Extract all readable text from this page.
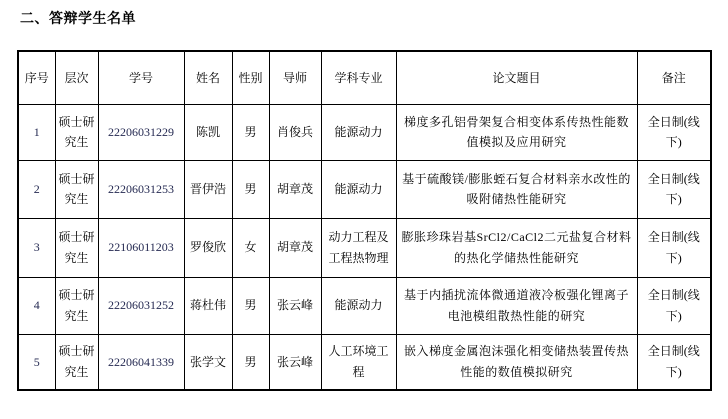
二、答辩学生名单
序号	层次	学号	姓名	性别	导师	学科专业	论文题目	备注
1	硕士研究生	22206031229	陈凯	男	肖俊兵	能源动力	梯度多孔铝骨架复合相变体系传热性能数值模拟及应用研究	全日制(线下)
2	硕士研究生	22206031253	晋伊浩	男	胡章茂	能源动力	基于硫酸镁/膨胀蛭石复合材料亲水改性的吸附储热性能研究	全日制(线下)
3	硕士研究生	22106011203	罗俊欣	女	胡章茂	动力工程及工程热物理	膨胀珍珠岩基SrCl2/CaCl2二元盐复合材料的热化学储热性能研究	全日制(线下)
4	硕士研究生	22206031252	蒋杜伟	男	张云峰	能源动力	基于内插扰流体微通道液冷板强化锂离子电池模组散热性能的研究	全日制(线下)
5	硕士研究生	22206041339	张学文	男	张云峰	人工环境工程	嵌入梯度金属泡沫强化相变储热装置传热性能的数值模拟研究	全日制(线下)
